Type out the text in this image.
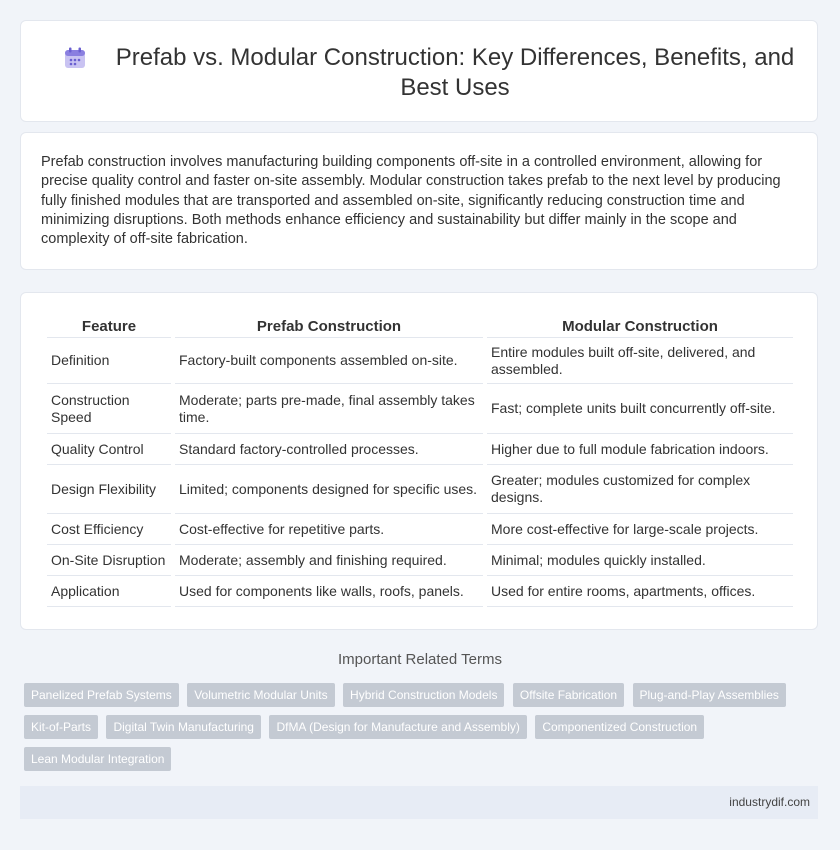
Prefab vs. Modular Construction: Key Differences, Benefits, and Best Uses

Prefab construction involves manufacturing building components off-site in a controlled environment, allowing for precise quality control and faster on-site assembly. Modular construction takes prefab to the next level by producing fully finished modules that are transported and assembled on-site, significantly reducing construction time and minimizing disruptions. Both methods enhance efficiency and sustainability but differ mainly in the scope and complexity of off-site fabrication.

Feature	Prefab Construction	Modular Construction
Definition	Factory-built components assembled on-site.	Entire modules built off-site, delivered, and assembled.
Construction Speed	Moderate; parts pre-made, final assembly takes time.	Fast; complete units built concurrently off-site.
Quality Control	Standard factory-controlled processes.	Higher due to full module fabrication indoors.
Design Flexibility	Limited; components designed for specific uses.	Greater; modules customized for complex designs.
Cost Efficiency	Cost-effective for repetitive parts.	More cost-effective for large-scale projects.
On-Site Disruption	Moderate; assembly and finishing required.	Minimal; modules quickly installed.
Application	Used for components like walls, roofs, panels.	Used for entire rooms, apartments, offices.
Important Related Terms
Panelized Prefab Systems Volumetric Modular Units Hybrid Construction Models Offsite Fabrication Plug-and-Play Assemblies Kit-of-Parts Digital Twin Manufacturing DfMA (Design for Manufacture and Assembly) Componentized Construction Lean Modular Integration
industrydif.com
